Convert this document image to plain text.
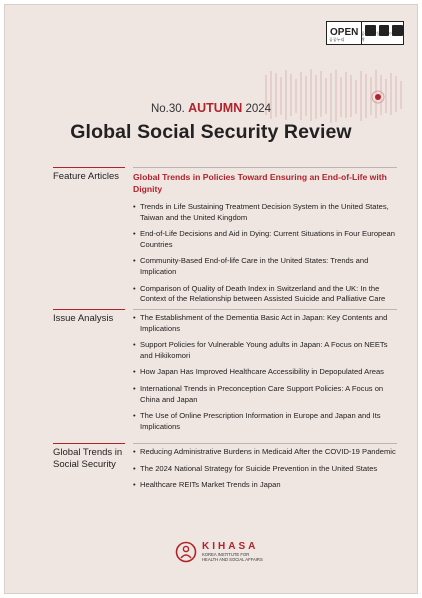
OPEN
공공누리
공공저작물 자유이용허락
No.30. AUTUMN 2024
Global Social Security Review
Feature Articles	Global Trends in Policies Toward Ensuring an End-of-Life with Dignity
• Trends in Life Sustaining Treatment Decision System in the United States, Taiwan and the United Kingdom
• End-of-Life Decisions and Aid in Dying: Current Situations in Four European Countries
• Community-Based End-of-life Care in the United States: Trends and Implication
• Comparison of Quality of Death Index in Switzerland and the UK: In the Context of the Relationship between Assisted Suicide and Palliative Care
Issue Analysis
•	The Establishment of the Dementia Basic Act in Japan: Key Contents and Implications
• Support Policies for Vulnerable Young adults in Japan: A Focus on NEETs and Hikikomori
• How Japan Has Improved Healthcare Accessibility in Depopulated Areas
• International Trends in Preconception Care Support Policies: A Focus on China and Japan
• The Use of Online Prescription Information in Europe and Japan and Its Implications
Global Trends in Social Security
• Reducing Administrative Burdens in Medicaid After the COVID-19 Pandemic
• The 2024 National Strategy for Suicide Prevention in the United States
• Healthcare REITs Market Trends in Japan
KIHASA
KOREA INSTITUTE FOR
HEALTH AND SOCIAL AFFAIRS
